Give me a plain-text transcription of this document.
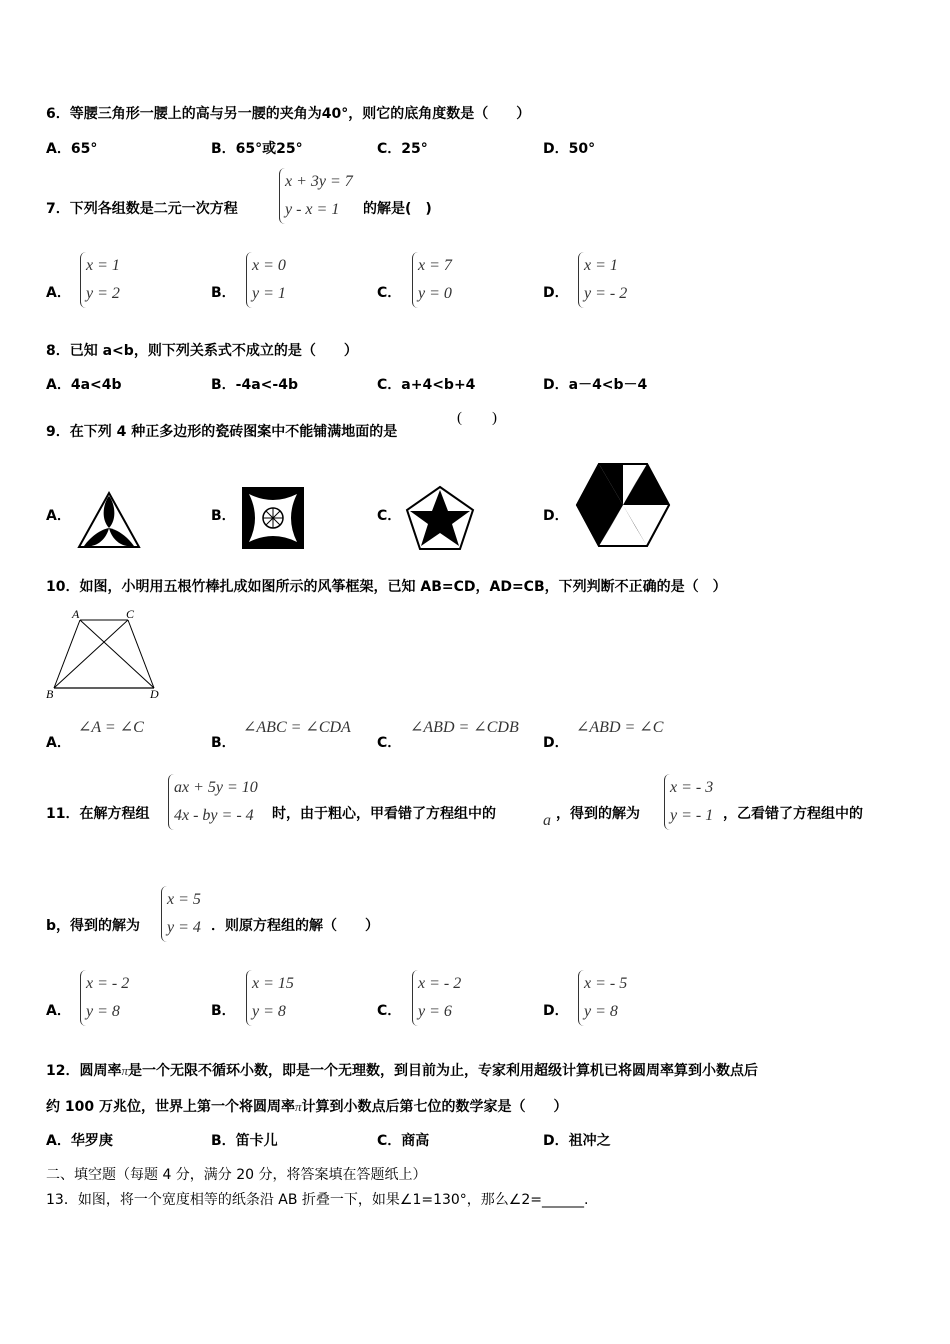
6．等腰三角形一腰上的高与另一腰的夹角为40°，则它的底角度数是（　　）
A．65°	B．65°或25°	C．25°	D．50°
7．下列各组数是二元一次方程
x + 3y = 7
y - x = 1	的解是(　)
A．
x = 1
y = 2	B．
x = 0
y = 1	C．
x = 7
y = 0	D．
x = 1
y = - 2
8．已知 a<b，则下列关系式不成立的是（　　）
A．4a<4b	B．-4a<-4b	C．a+4<b+4	D．a－4<b－4
9．在下列 4 种正多边形的瓷砖图案中不能铺满地面的是
(　　)
A．	B．	C．	D．
10．如图，小明用五根竹棒扎成如图所示的风筝框架，已知 AB=CD，AD=CB，下列判断不正确的是（　）
A	C
B	D
A．
∠A = ∠C
B．
∠ABC = ∠CDA
C．
∠ABD = ∠CDB
D．
∠ABD = ∠C
11．在解方程组
ax + 5y = 10
4x - by = - 4 时，由于粗心，甲看错了方程组中的	a ，得到的解为
x = - 3
y = - 1 ，乙看错了方程组中的
b，得到的解为
x = 5
y = 4 ．则原方程组的解（　　）
A．
x = - 2
y = 8	B．
x = 15
y = 8	C．
x = - 2
y = 6	D．
x = - 5
y = 8
12．圆周率π是一个无限不循环小数，即是一个无理数，到目前为止，专家利用超级计算机已将圆周率算到小数点后
约 100 万兆位，世界上第一个将圆周率π计算到小数点后第七位的数学家是（　　）
A．华罗庚	B．笛卡儿	C．商高	D．祖冲之
二、填空题（每题 4 分，满分 20 分，将答案填在答题纸上）
13．如图，将一个宽度相等的纸条沿 AB 折叠一下，如果∠1=130°，那么∠2=______.
